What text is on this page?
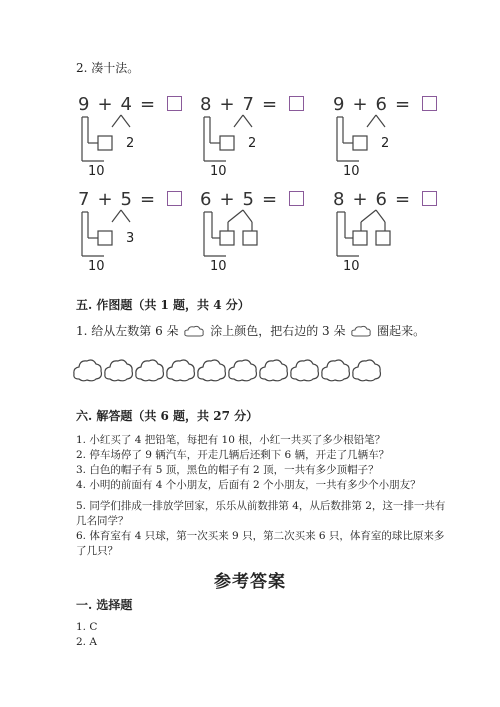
2. 凑十法。
9 + 4 =
2
10
8 + 7 =
2
10
9 + 6 =
2
10
7 + 5 =
3
10
6 + 5 =
10
8 + 6 =
10
五. 作图题（共 1 题，共 4 分）
1. 给从左数第 6 朵	涂上颜色，把右边的 3 朵	圈起来。
六. 解答题（共 6 题，共 27 分）
1. 小红买了 4 把铅笔，每把有 10 根，小红一共买了多少根铅笔？
2. 停车场停了 9 辆汽车，开走几辆后还剩下 6 辆，开走了几辆车？
3. 白色的帽子有 5 顶，黑色的帽子有 2 顶，一共有多少顶帽子？
4. 小明的前面有 4 个小朋友，后面有 2 个小朋友，一共有多少个小朋友？
5. 同学们排成一排放学回家，乐乐从前数排第 4，从后数排第 2，这一排一共有
几名同学？
6. 体育室有 4 只球，第一次买来 9 只，第二次买来 6 只，体育室的球比原来多
了几只？
参考答案
一. 选择题
1. C
2. A
